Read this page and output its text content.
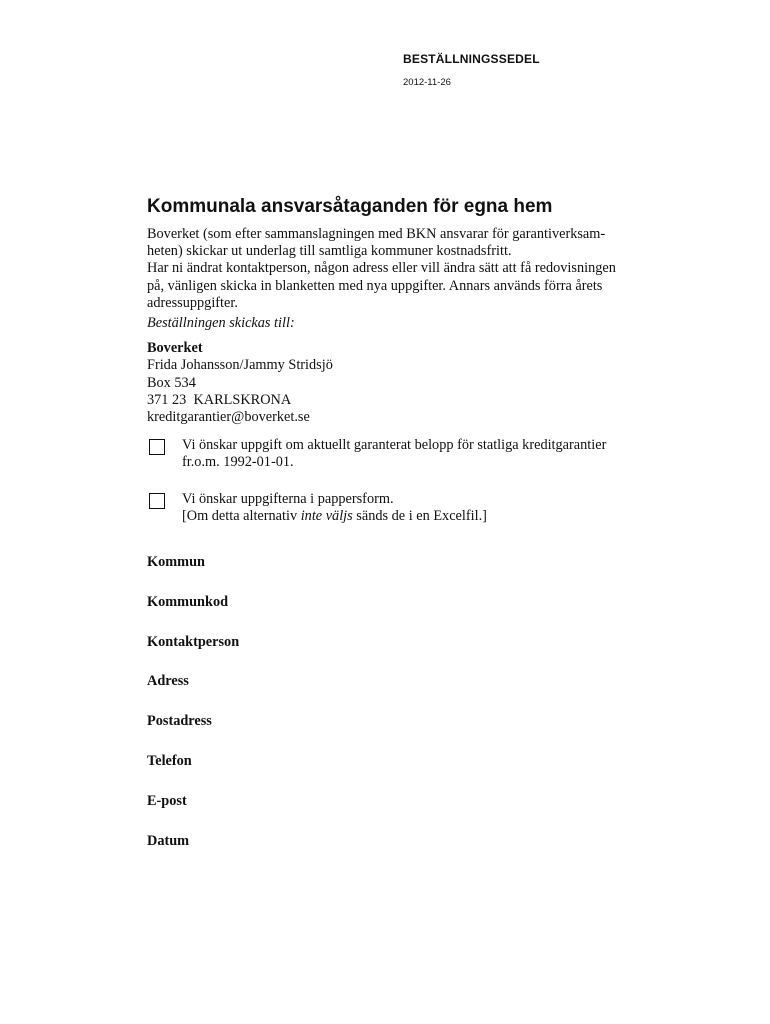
BESTÄLLNINGSSEDEL
2012-11-26
Kommunala ansvarsåtaganden för egna hem
Boverket (som efter sammanslagningen med BKN ansvarar för garantiverksam-
heten) skickar ut underlag till samtliga kommuner kostnadsfritt.
Har ni ändrat kontaktperson, någon adress eller vill ändra sätt att få redovisningen
på, vänligen skicka in blanketten med nya uppgifter. Annars används förra årets
adressuppgifter.
Beställningen skickas till:
Boverket
Frida Johansson/Jammy Stridsjö
Box 534
371 23  KARLSKRONA
kreditgarantier@boverket.se
Vi önskar uppgift om aktuellt garanterat belopp för statliga kreditgarantier
fr.o.m. 1992-01-01.
Vi önskar uppgifterna i pappersform.
[Om detta alternativ inte väljs sänds de i en Excelfil.]
Kommun
Kommunkod
Kontaktperson
Adress
Postadress
Telefon
E-post
Datum
